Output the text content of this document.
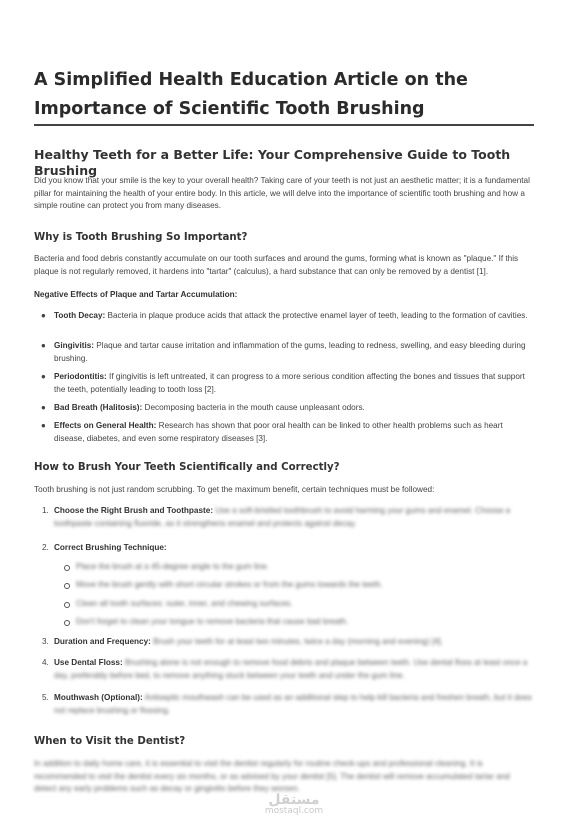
A Simplified Health Education Article on the Importance of Scientific Tooth Brushing
Healthy Teeth for a Better Life: Your Comprehensive Guide to Tooth Brushing

Did you know that your smile is the key to your overall health? Taking care of your teeth is not just an aesthetic matter; it is a fundamental pillar for maintaining the health of your entire body. In this article, we will delve into the importance of scientific tooth brushing and how a simple routine can protect you from many diseases.

Why is Tooth Brushing So Important?

Bacteria and food debris constantly accumulate on our tooth surfaces and around the gums, forming what is known as "plaque." If this plaque is not regularly removed, it hardens into "tartar" (calculus), a hard substance that can only be removed by a dentist [1].

Negative Effects of Plaque and Tartar Accumulation:

● Tooth Decay: Bacteria in plaque produce acids that attack the protective enamel layer of teeth, leading to the formation of cavities.
● Gingivitis: Plaque and tartar cause irritation and inflammation of the gums, leading to redness, swelling, and easy bleeding during brushing.
● Periodontitis: If gingivitis is left untreated, it can progress to a more serious condition affecting the bones and tissues that support the teeth, potentially leading to tooth loss [2].
● Bad Breath (Halitosis): Decomposing bacteria in the mouth cause unpleasant odors.
● Effects on General Health: Research has shown that poor oral health can be linked to other health problems such as heart disease, diabetes, and even some respiratory diseases [3].
How to Brush Your Teeth Scientifically and Correctly?

Tooth brushing is not just random scrubbing. To get the maximum benefit, certain techniques must be followed:

1. Choose the Right Brush and Toothpaste: Use a soft-bristled toothbrush to avoid harming your gums and enamel. Choose a toothpaste containing fluoride, as it strengthens enamel and protects against decay.
2. Correct Brushing Technique:
Place the brush at a 45-degree angle to the gum line.
Move the brush gently with short circular strokes or from the gums towards the teeth.
Clean all tooth surfaces: outer, inner, and chewing surfaces.
Don't forget to clean your tongue to remove bacteria that cause bad breath.
3. Duration and Frequency: Brush your teeth for at least two minutes, twice a day (morning and evening) [4].
4. Use Dental Floss: Brushing alone is not enough to remove food debris and plaque between teeth. Use dental floss at least once a day, preferably before bed, to remove anything stuck between your teeth and under the gum line.
5. Mouthwash (Optional): Antiseptic mouthwash can be used as an additional step to help kill bacteria and freshen breath, but it does not replace brushing or flossing.
When to Visit the Dentist?

In addition to daily home care, it is essential to visit the dentist regularly for routine check-ups and professional cleaning. It is recommended to visit the dentist every six months, or as advised by your dentist [5]. The dentist will remove accumulated tartar and detect any early problems such as decay or gingivitis before they worsen.

مستقل
mostaql.com
